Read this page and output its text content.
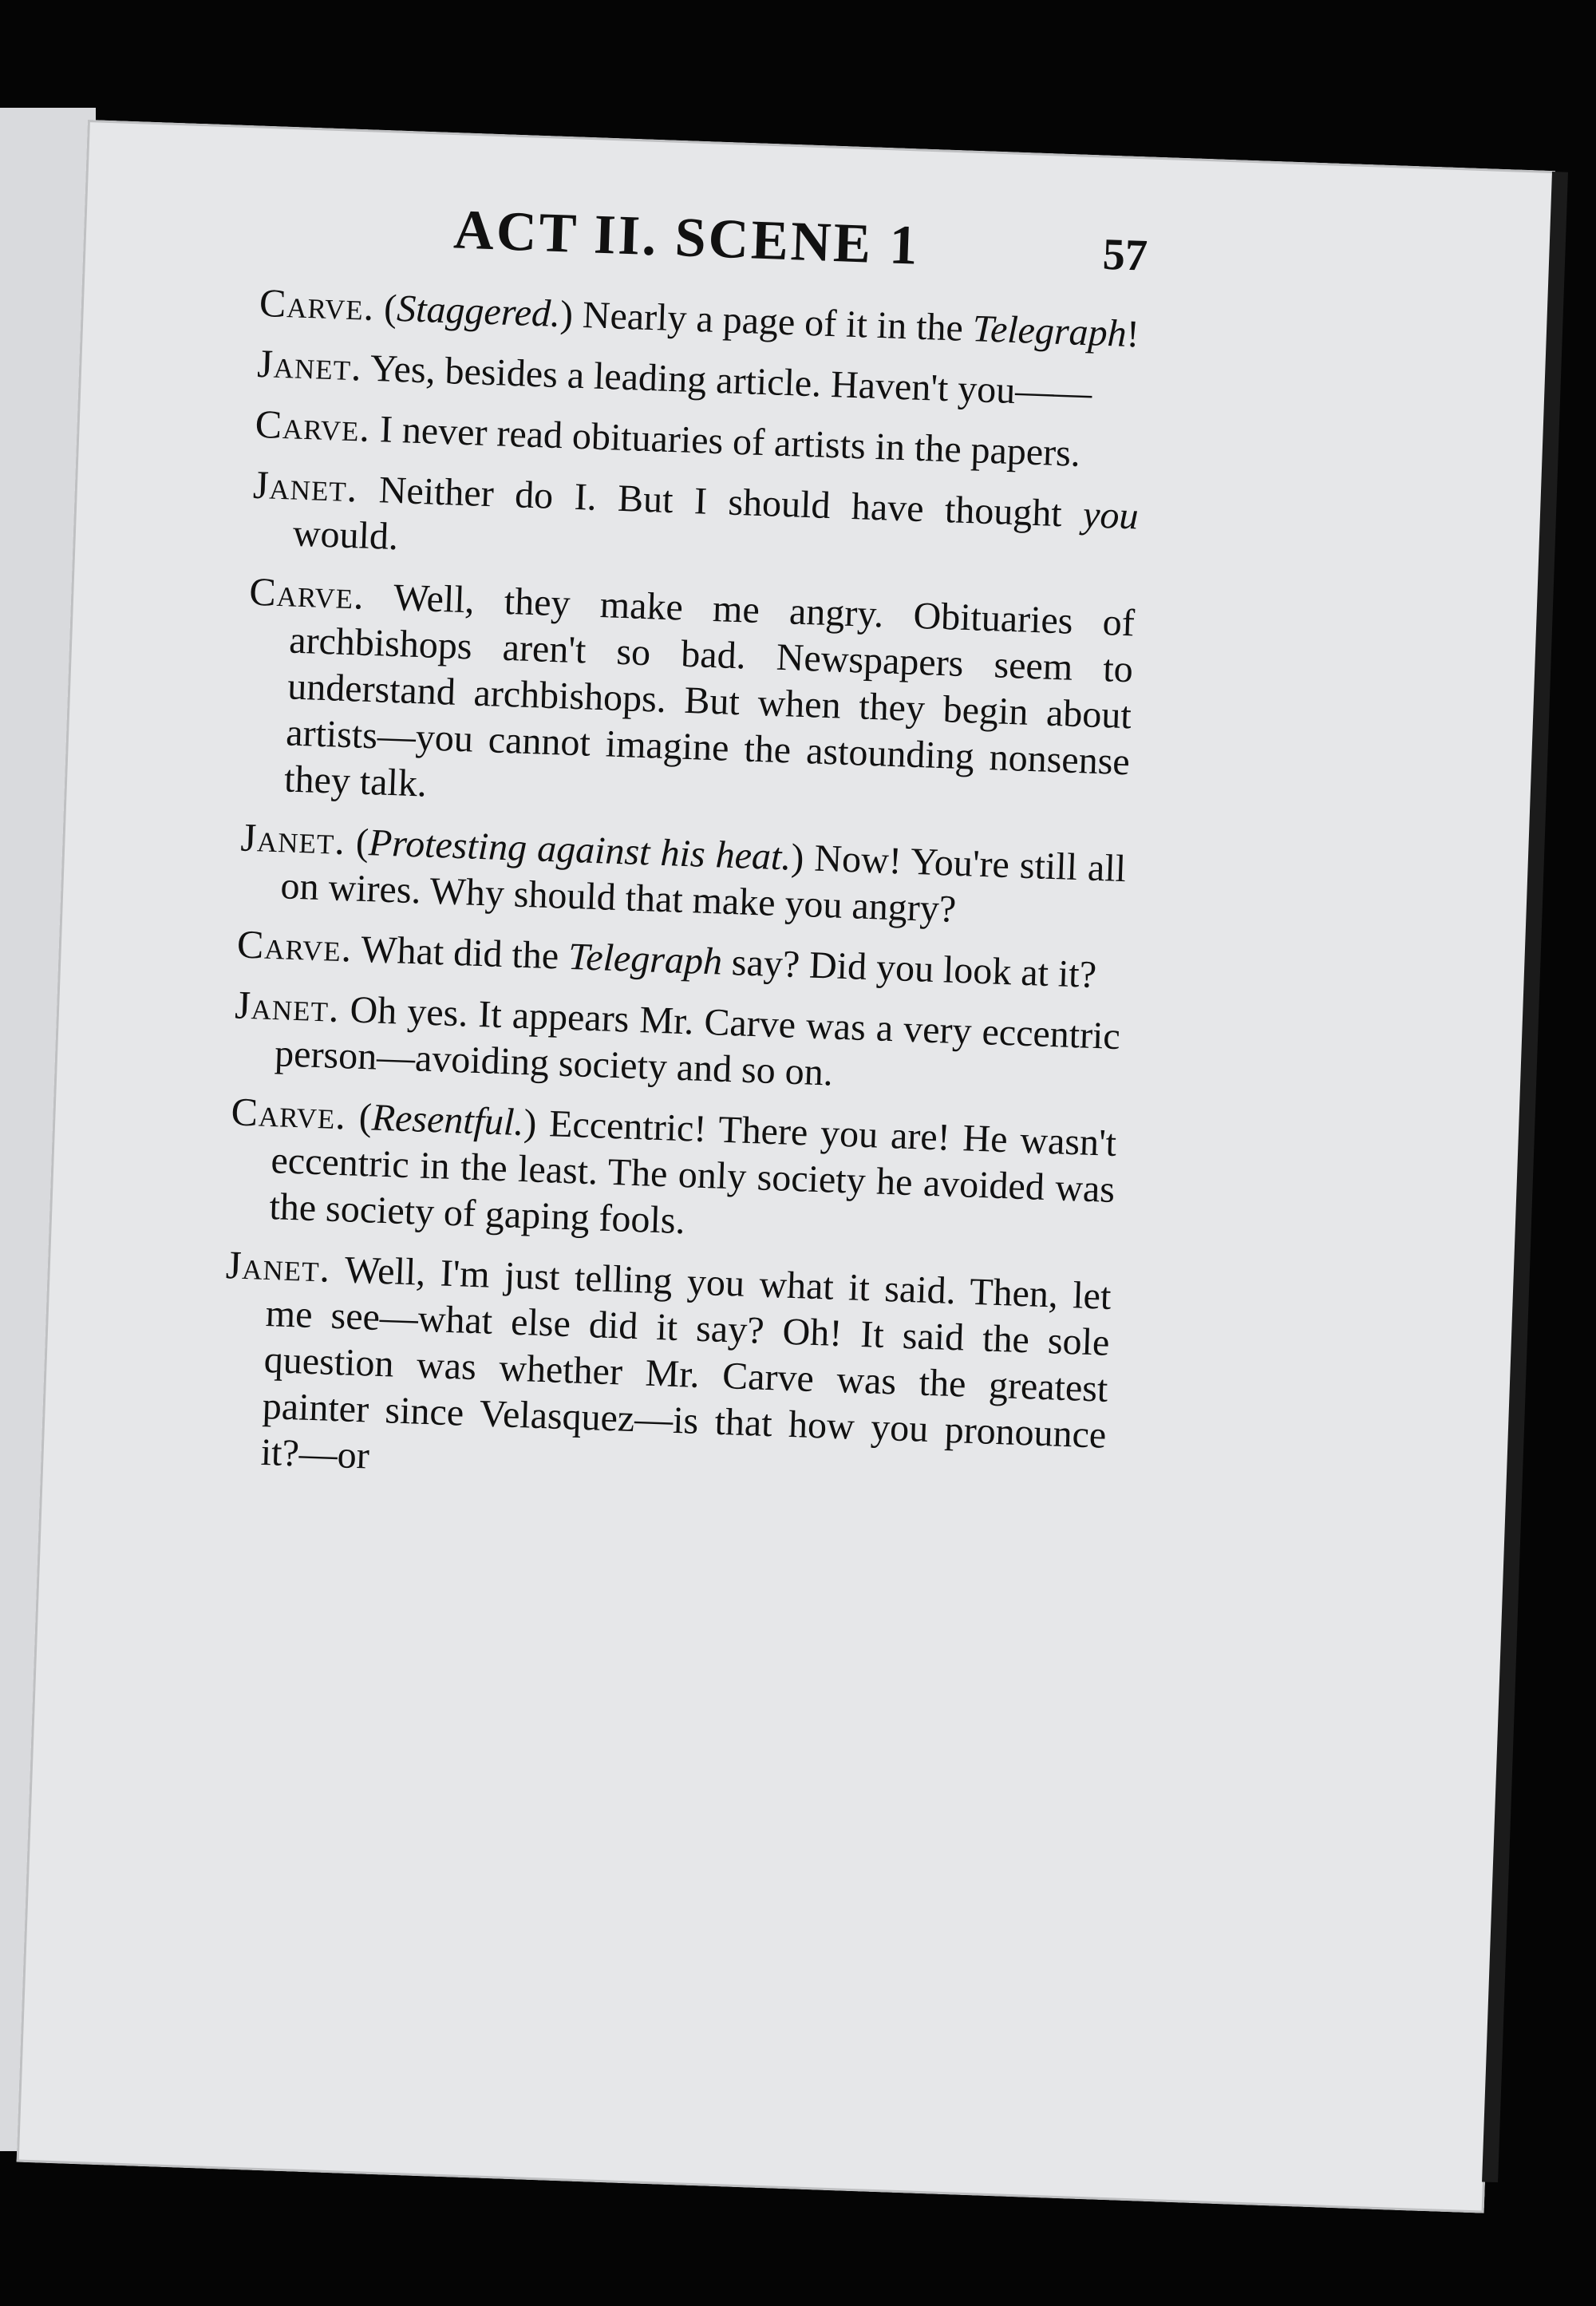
ACT II. SCENE 1	57

Carve. (Staggered.) Nearly a page of it in the Telegraph!

Janet. Yes, besides a leading article. Haven't you——

Carve. I never read obituaries of artists in the papers.

Janet. Neither do I. But I should have thought you would.

Carve. Well, they make me angry. Obituaries of archbishops aren't so bad. Newspapers seem to understand archbishops. But when they begin about artists—you cannot imagine the astounding nonsense they talk.

Janet. (Protesting against his heat.) Now! You're still all on wires. Why should that make you angry?

Carve. What did the Telegraph say? Did you look at it?

Janet. Oh yes. It appears Mr. Carve was a very eccentric person—avoiding society and so on.

Carve. (Resentful.) Eccentric! There you are! He wasn't eccentric in the least. The only society he avoided was the society of gaping fools.

Janet. Well, I'm just telling you what it said. Then, let me see—what else did it say? Oh! It said the sole question was whether Mr. Carve was the greatest painter since Velasquez—is that how you pronounce it?—or
